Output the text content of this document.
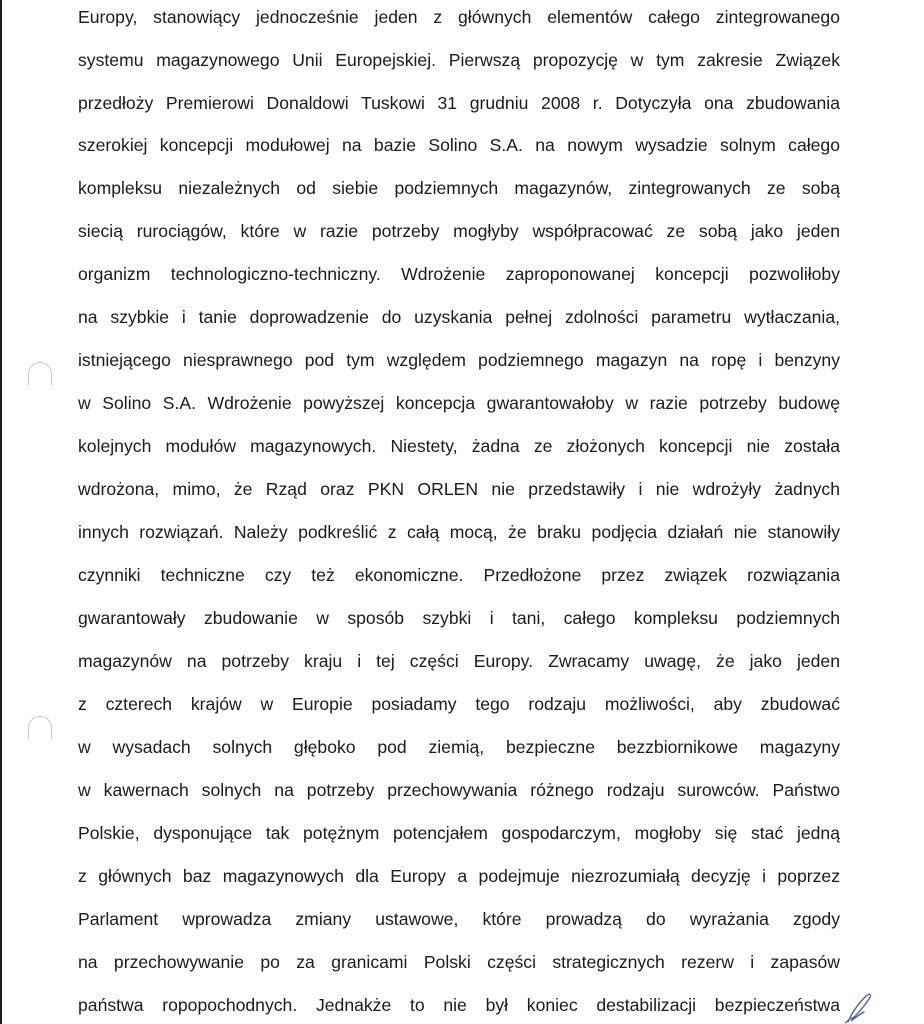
Europy, stanowiący jednocześnie jeden z głównych elementów całego zintegrowanego
systemu magazynowego Unii Europejskiej. Pierwszą propozycję w tym zakresie Związek
przedłoży Premierowi Donaldowi Tuskowi 31 grudniu 2008 r. Dotyczyła ona zbudowania
szerokiej koncepcji modułowej na bazie Solino S.A. na nowym wysadzie solnym całego
kompleksu niezależnych od siebie podziemnych magazynów, zintegrowanych ze sobą
siecią rurociągów, które w razie potrzeby mogłyby współpracować ze sobą jako jeden
organizm technologiczno-techniczny. Wdrożenie zaproponowanej koncepcji pozwoliłoby
na szybkie i tanie doprowadzenie do uzyskania pełnej zdolności parametru wytłaczania,
istniejącego niesprawnego pod tym względem podziemnego magazyn na ropę i benzyny
w Solino S.A. Wdrożenie powyższej koncepcja gwarantowałoby w razie potrzeby budowę
kolejnych modułów magazynowych. Niestety, żadna ze złożonych koncepcji nie została
wdrożona, mimo, że Rząd oraz PKN ORLEN nie przedstawiły i nie wdrożyły żadnych
innych rozwiązań. Należy podkreślić z całą mocą, że braku podjęcia działań nie stanowiły
czynniki techniczne czy też ekonomiczne. Przedłożone przez związek rozwiązania
gwarantowały zbudowanie w sposób szybki i tani, całego kompleksu podziemnych
magazynów na potrzeby kraju i tej części Europy. Zwracamy uwagę, że jako jeden
z czterech krajów w Europie posiadamy tego rodzaju możliwości, aby zbudować
w wysadach solnych głęboko pod ziemią, bezpieczne bezzbiornikowe magazyny
w kawernach solnych na potrzeby przechowywania różnego rodzaju surowców. Państwo
Polskie, dysponujące tak potężnym potencjałem gospodarczym, mogłoby się stać jedną
z głównych baz magazynowych dla Europy a podejmuje niezrozumiałą decyzję i poprzez
Parlament wprowadza zmiany ustawowe, które prowadzą do wyrażania zgody
na przechowywanie po za granicami Polski części strategicznych rezerw i zapasów
państwa ropopochodnych. Jednakże to nie był koniec destabilizacji bezpieczeństwa
